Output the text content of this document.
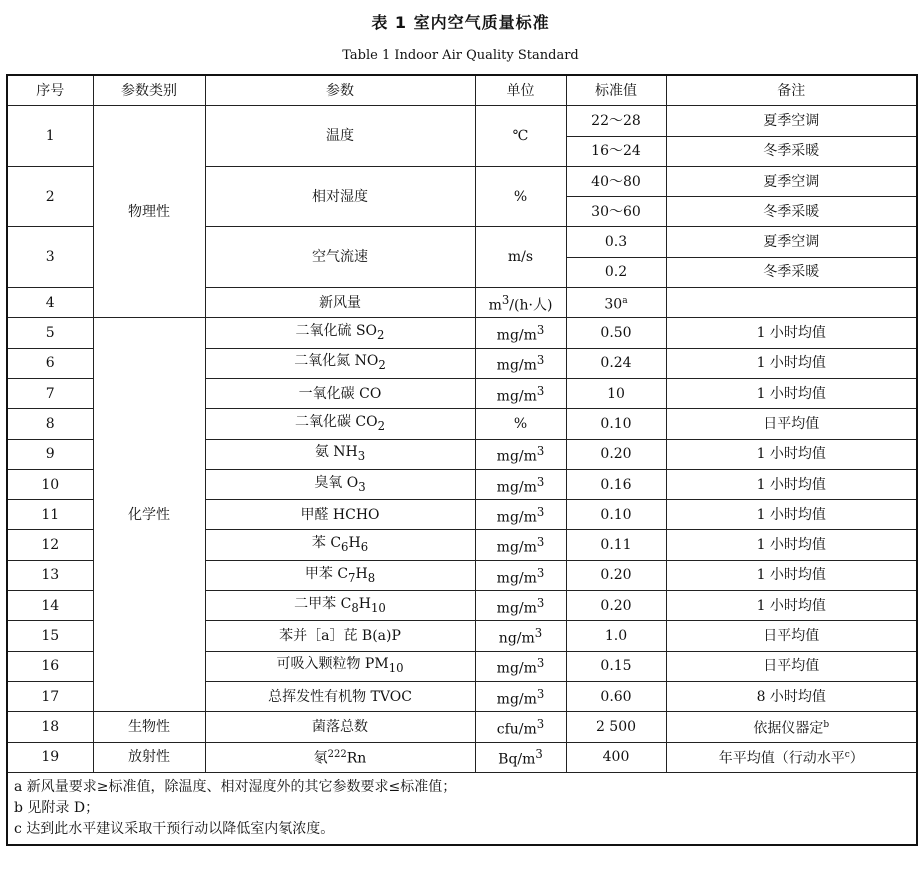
表 1 室内空气质量标准
Table 1 Indoor Air Quality Standard
序号	参数类别	参数	单位	标准值	备注
1	物理性	温度	℃	22～28	夏季空调
				16～24	冬季采暖
2		相对湿度	%	40～80	夏季空调
				30～60	冬季采暖
3		空气流速	m/s	0.3	夏季空调
				0.2	冬季采暖
4		新风量	$m^3/(h\cdot$人)	30$^a$	
5	化学性	二氧化硫 $SO_2$	$mg/m^3$	0.50	1 小时均值
6		二氧化氮 $NO_2$	$mg/m^3$	0.24	1 小时均值
7		一氧化碳 CO	$mg/m^3$	10	1 小时均值
8		二氧化碳 $CO_2$	%	0.10	日平均值
9		氨 $NH_3$	$mg/m^3$	0.20	1 小时均值
10		臭氧 $O_3$	$mg/m^3$	0.16	1 小时均值
11		甲醛 HCHO	$mg/m^3$	0.10	1 小时均值
12		苯 $C_6H_6$	$mg/m^3$	0.11	1 小时均值
13		甲苯 $C_7H_8$	$mg/m^3$	0.20	1 小时均值
14		二甲苯 $C_8H_{10}$	$mg/m^3$	0.20	1 小时均值
15		苯并［a］芘 B(a)P	$ng/m^3$	1.0	日平均值
16		可吸入颗粒物 $PM_{10}$	$mg/m^3$	0.15	日平均值
17		总挥发性有机物 TVOC	$mg/m^3$	0.60	8 小时均值
18	生物性	菌落总数	cfu/$m^3$	2 500	依据仪器定$^b$
19	放射性	氡$^{222}$Rn	$Bq/m^3$	400	年平均值（行动水平$^c$）

a 新风量要求≥标准值，除温度、相对湿度外的其它参数要求≤标准值；
b 见附录 D；
c 达到此水平建议采取干预行动以降低室内氡浓度。					
